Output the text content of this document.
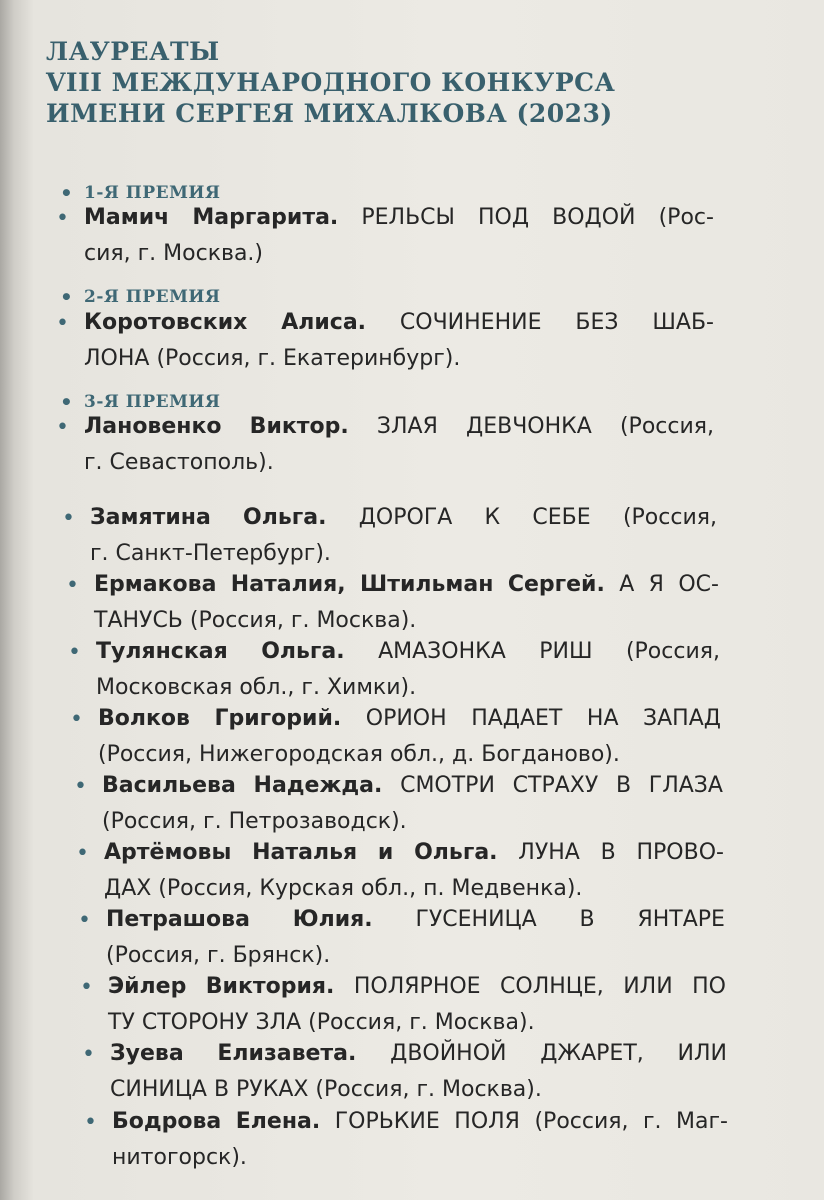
ЛАУРЕАТЫ
VIII МЕЖДУНАРОДНОГО КОНКУРСА
ИМЕНИ СЕРГЕЯ МИХАЛКОВА (2023)
• 1-Я ПРЕМИЯ
• 2-Я ПРЕМИЯ
• 3-Я ПРЕМИЯ
• Мамич Маргарита. РЕЛЬСЫ ПОД ВОДОЙ (Рос-
сия, г. Москва.)
• Коротовских Алиса. СОЧИНЕНИЕ БЕЗ ШАБ-
ЛОНА (Россия, г. Екатеринбург).
• Лановенко Виктор. ЗЛАЯ ДЕВЧОНКА (Россия,
г. Севастополь).
• Замятина Ольга. ДОРОГА К СЕБЕ (Россия,
г. Санкт-Петербург).
• Ермакова Наталия, Штильман Сергей. А Я ОС-
ТАНУСЬ (Россия, г. Москва).
• Тулянская Ольга. АМАЗОНКА РИШ (Россия,
Московская обл., г. Химки).
• Волков Григорий. ОРИОН ПАДАЕТ НА ЗАПАД
(Россия, Нижегородская обл., д. Богданово).
• Васильева Надежда. СМОТРИ СТРАХУ В ГЛАЗА
(Россия, г. Петрозаводск).
• Артёмовы Наталья и Ольга. ЛУНА В ПРОВО-
ДАХ (Россия, Курская обл., п. Медвенка).
• Петрашова Юлия. ГУСЕНИЦА В ЯНТАРЕ
(Россия, г. Брянск).
• Эйлер Виктория. ПОЛЯРНОЕ СОЛНЦЕ, ИЛИ ПО
ТУ СТОРОНУ ЗЛА (Россия, г. Москва).
• Зуева Елизавета. ДВОЙНОЙ ДЖАРЕТ, ИЛИ
СИНИЦА В РУКАХ (Россия, г. Москва).
• Бодрова Елена. ГОРЬКИЕ ПОЛЯ (Россия, г. Маг-
нитогорск).
